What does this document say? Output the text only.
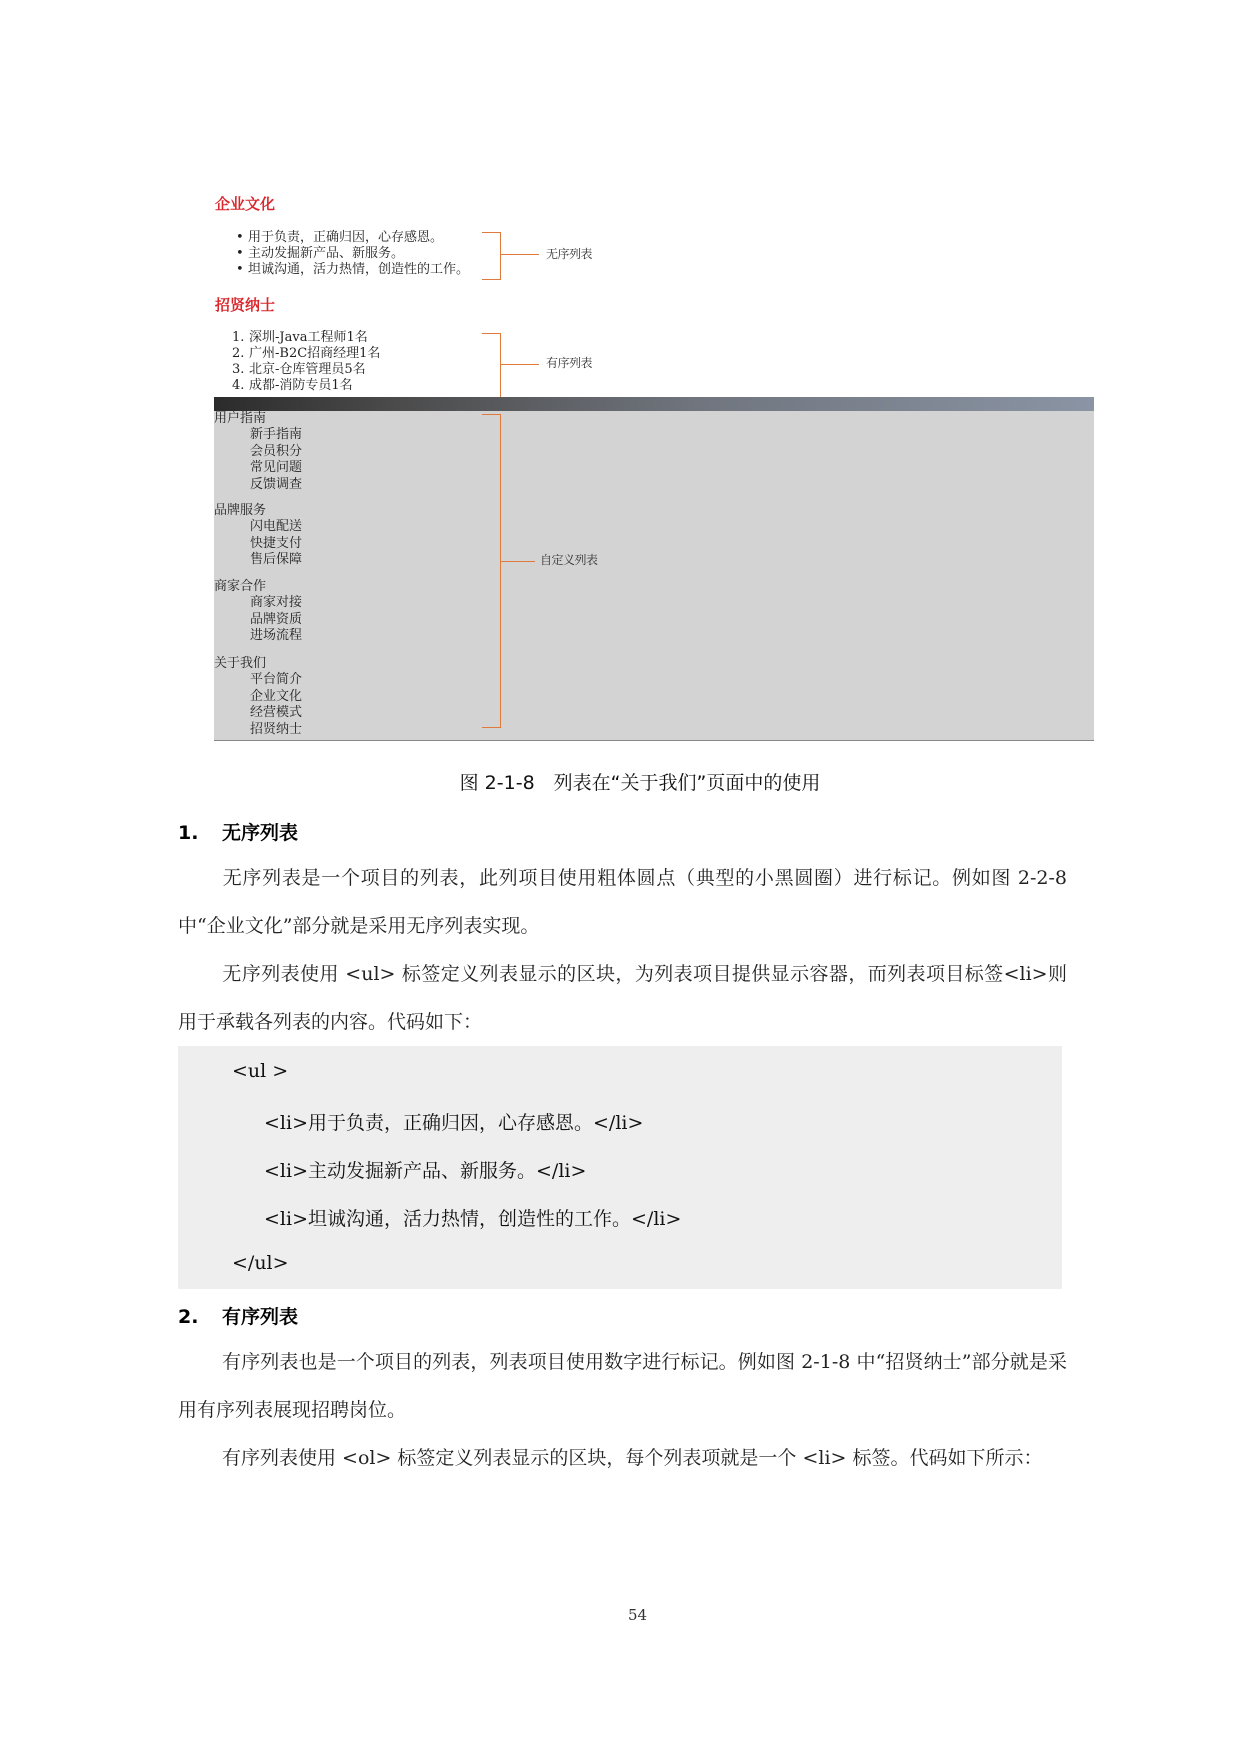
企业文化
• 用于负责，正确归因，心存感恩。
• 主动发掘新产品、新服务。
• 坦诚沟通，活力热情，创造性的工作。
无序列表
招贤纳士
1. 深圳-Java工程师1名
2. 广州-B2C招商经理1名
3. 北京-仓库管理员5名
4. 成都-消防专员1名
有序列表
用户指南
新手指南
会员积分
常见问题
反馈调查
品牌服务
闪电配送
快捷支付
售后保障
商家合作
商家对接
品牌资质
进场流程
关于我们
平台简介
企业文化
经营模式
招贤纳士
自定义列表
图 2-1-8　列表在“关于我们”页面中的使用
1. 无序列表

无序列表是一个项目的列表，此列项目使用粗体圆点（典型的小黑圆圈）进行标记。例如图 2-2-8 中“企业文化”部分就是采用无序列表实现。

无序列表使用 <ul> 标签定义列表显示的区块，为列表项目提供显示容器，而列表项目标签<li>则用于承载各列表的内容。代码如下：

<ul >
<li>用于负责，正确归因，心存感恩。</li>
<li>主动发掘新产品、新服务。</li>
<li>坦诚沟通，活力热情，创造性的工作。</li>
</ul>
2. 有序列表

有序列表也是一个项目的列表，列表项目使用数字进行标记。例如图 2-1-8 中“招贤纳士”部分就是采用有序列表展现招聘岗位。

有序列表使用 <ol> 标签定义列表显示的区块，每个列表项就是一个 <li> 标签。代码如下所示：

54
